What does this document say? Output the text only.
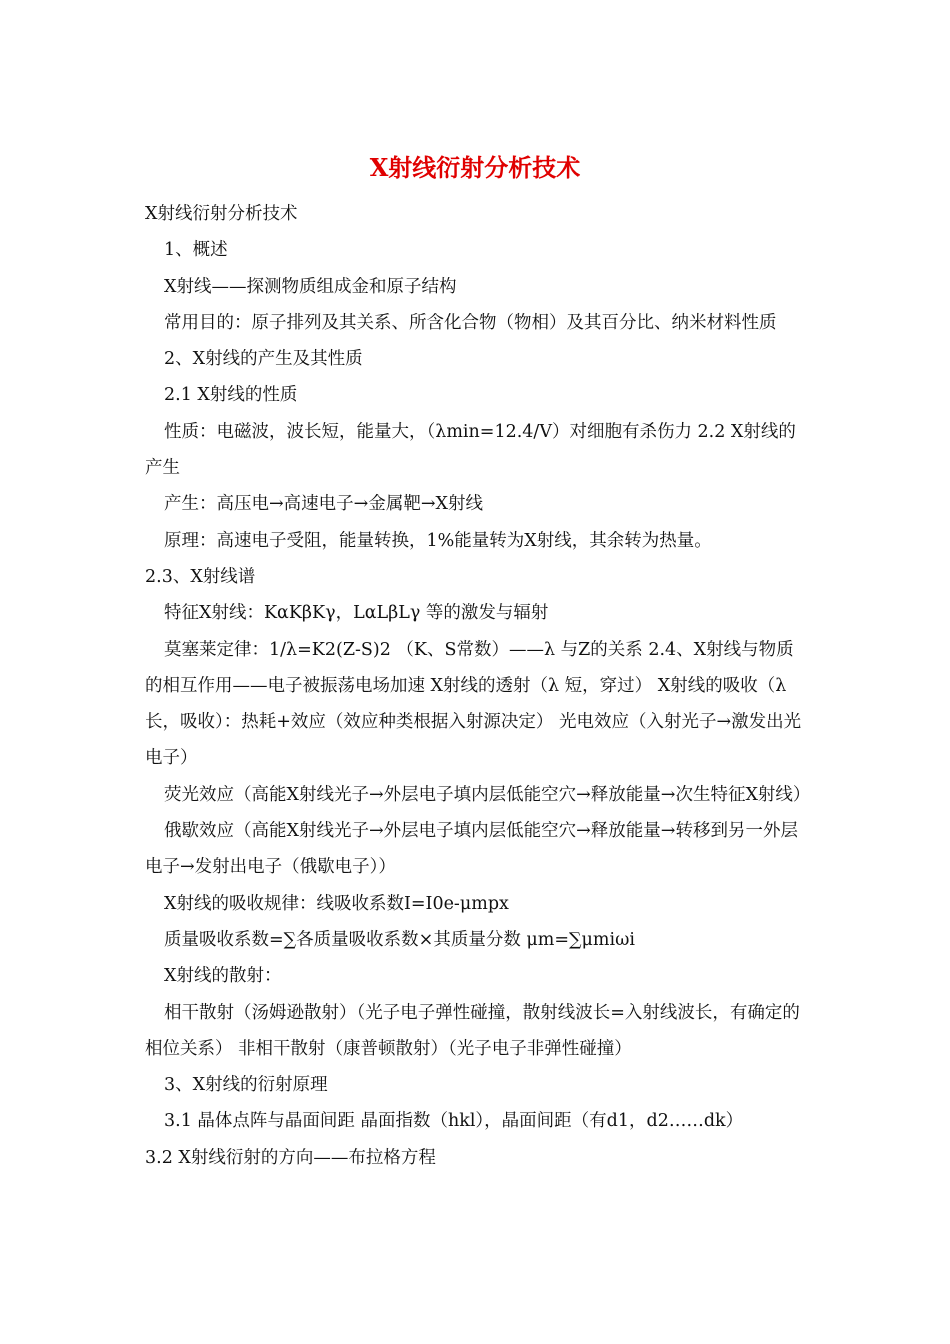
X射线衍射分析技术

X射线衍射分析技术

1、概述

X射线——探测物质组成金和原子结构

常用目的：原子排列及其关系、所含化合物（物相）及其百分比、纳米材料性质

2、X射线的产生及其性质

2.1 X射线的性质

性质：电磁波，波长短，能量大，（λmin=12.4/V）对细胞有杀伤力 2.2 X射线的产生

产生：高压电→高速电子→金属靶→X射线

原理：高速电子受阻，能量转换，1%能量转为X射线，其余转为热量。

2.3、X射线谱

特征X射线：KαKβKγ，LαLβLγ 等的激发与辐射

莫塞莱定律：1/λ=K2(Z-S)2 （K、S常数）——λ 与Z的关系 2.4、X射线与物质的相互作用——电子被振荡电场加速 X射线的透射（λ 短，穿过） X射线的吸收（λ 长，吸收）：热耗+效应（效应种类根据入射源决定） 光电效应（入射光子→激发出光电子）

荧光效应（高能X射线光子→外层电子填内层低能空穴→释放能量→次生特征X射线）

俄歇效应（高能X射线光子→外层电子填内层低能空穴→释放能量→转移到另一外层电子→发射出电子（俄歇电子））

X射线的吸收规律：线吸收系数I=I0e-μmpx

质量吸收系数=∑各质量吸收系数×其质量分数 μm=∑μmiωi

X射线的散射：

相干散射（汤姆逊散射）（光子电子弹性碰撞，散射线波长=入射线波长，有确定的相位关系） 非相干散射（康普顿散射）（光子电子非弹性碰撞）

3、X射线的衍射原理

3.1 晶体点阵与晶面间距 晶面指数（hkl），晶面间距（有d1，d2……dk）

3.2 X射线衍射的方向——布拉格方程
